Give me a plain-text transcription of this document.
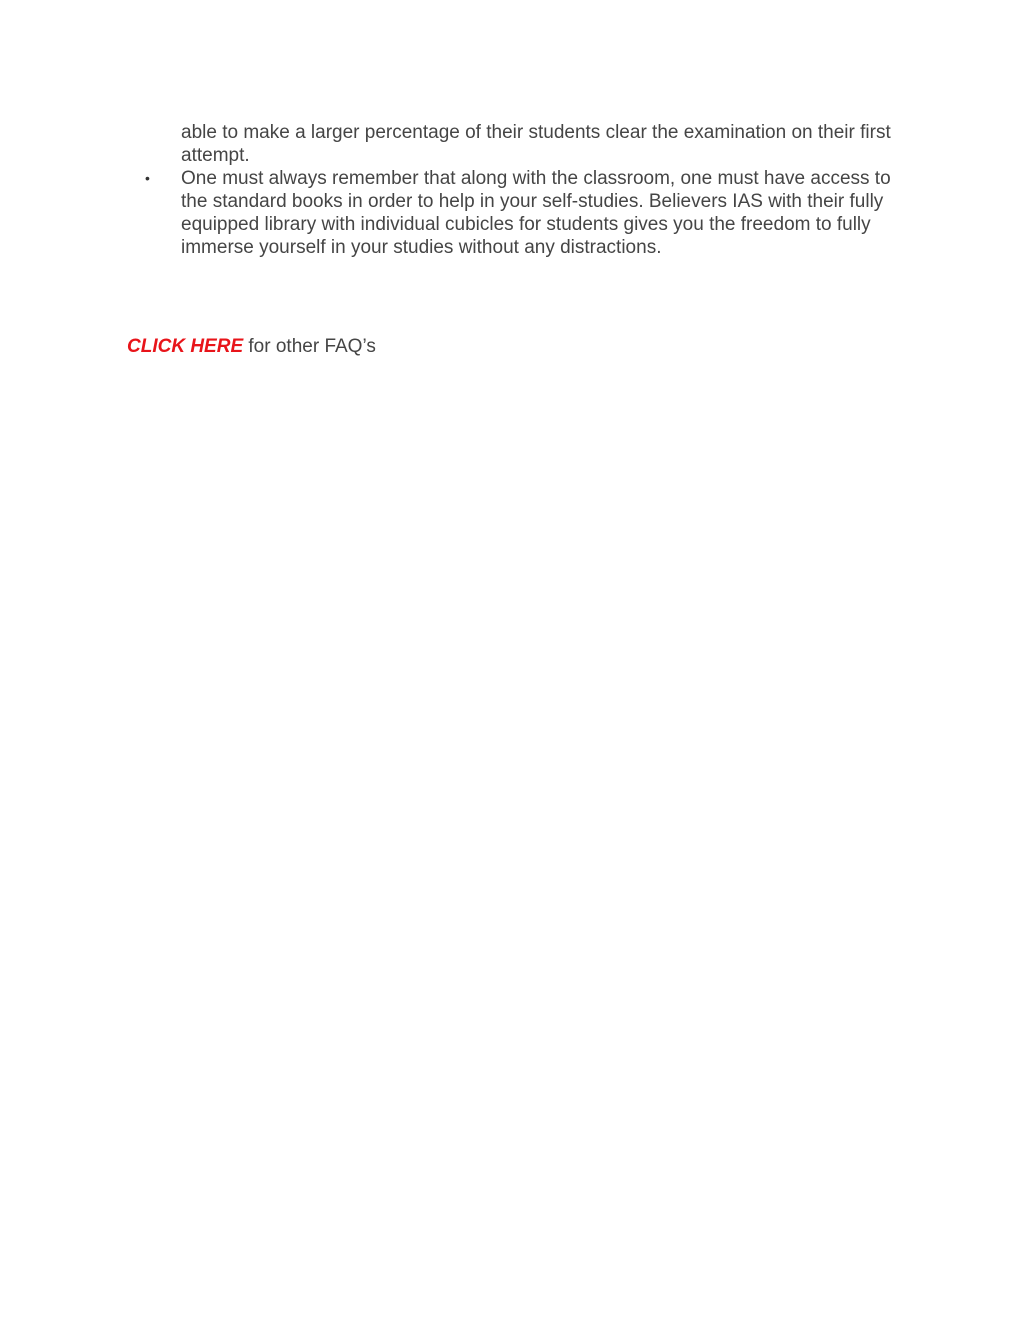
able to make a larger percentage of their students clear the examination on their first attempt.
•	One must always remember that along with the classroom, one must have access to the standard books in order to help in your self-studies. Believers IAS with their fully equipped library with individual cubicles for students gives you the freedom to fully immerse yourself in your studies without any distractions.
CLICK HERE for other FAQ’s
